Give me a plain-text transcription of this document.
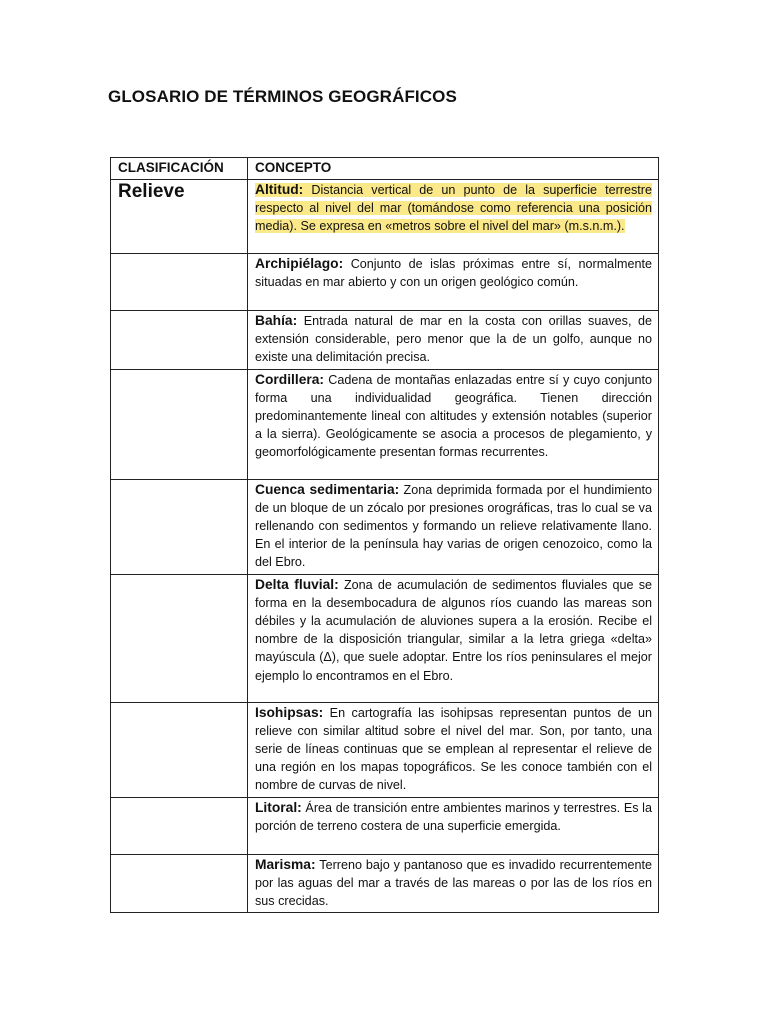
GLOSARIO DE TÉRMINOS GEOGRÁFICOS
CLASIFICACIÓN	CONCEPTO
Relieve	Altitud: Distancia vertical de un punto de la superficie terrestre respecto al nivel del mar (tomándose como referencia una posición media). Se expresa en «metros sobre el nivel del mar» (m.s.n.m.).
	Archipiélago: Conjunto de islas próximas entre sí, normalmente situadas en mar abierto y con un origen geológico común.
	Bahía: Entrada natural de mar en la costa con orillas suaves, de extensión considerable, pero menor que la de un golfo, aunque no existe una delimitación precisa.
	Cordillera: Cadena de montañas enlazadas entre sí y cuyo conjunto forma una individualidad geográfica. Tienen dirección predominantemente lineal con altitudes y extensión notables (superior a la sierra). Geológicamente se asocia a procesos de plegamiento, y geomorfológicamente presentan formas recurrentes.
	Cuenca sedimentaria: Zona deprimida formada por el hundimiento de un bloque de un zócalo por presiones orográficas, tras lo cual se va rellenando con sedimentos y formando un relieve relativamente llano. En el interior de la península hay varias de origen cenozoico, como la del Ebro.
	Delta fluvial: Zona de acumulación de sedimentos fluviales que se forma en la desembocadura de algunos ríos cuando las mareas son débiles y la acumulación de aluviones supera a la erosión. Recibe el nombre de la disposición triangular, similar a la letra griega «delta» mayúscula (Δ), que suele adoptar. Entre los ríos peninsulares el mejor ejemplo lo encontramos en el Ebro.
	Isohipsas: En cartografía las isohipsas representan puntos de un relieve con similar altitud sobre el nivel del mar. Son, por tanto, una serie de líneas continuas que se emplean al representar el relieve de una región en los mapas topográficos. Se les conoce también con el nombre de curvas de nivel.
	Litoral: Área de transición entre ambientes marinos y terrestres. Es la porción de terreno costera de una superficie emergida.
	Marisma: Terreno bajo y pantanoso que es invadido recurrentemente por las aguas del mar a través de las mareas o por las de los ríos en sus crecidas.
